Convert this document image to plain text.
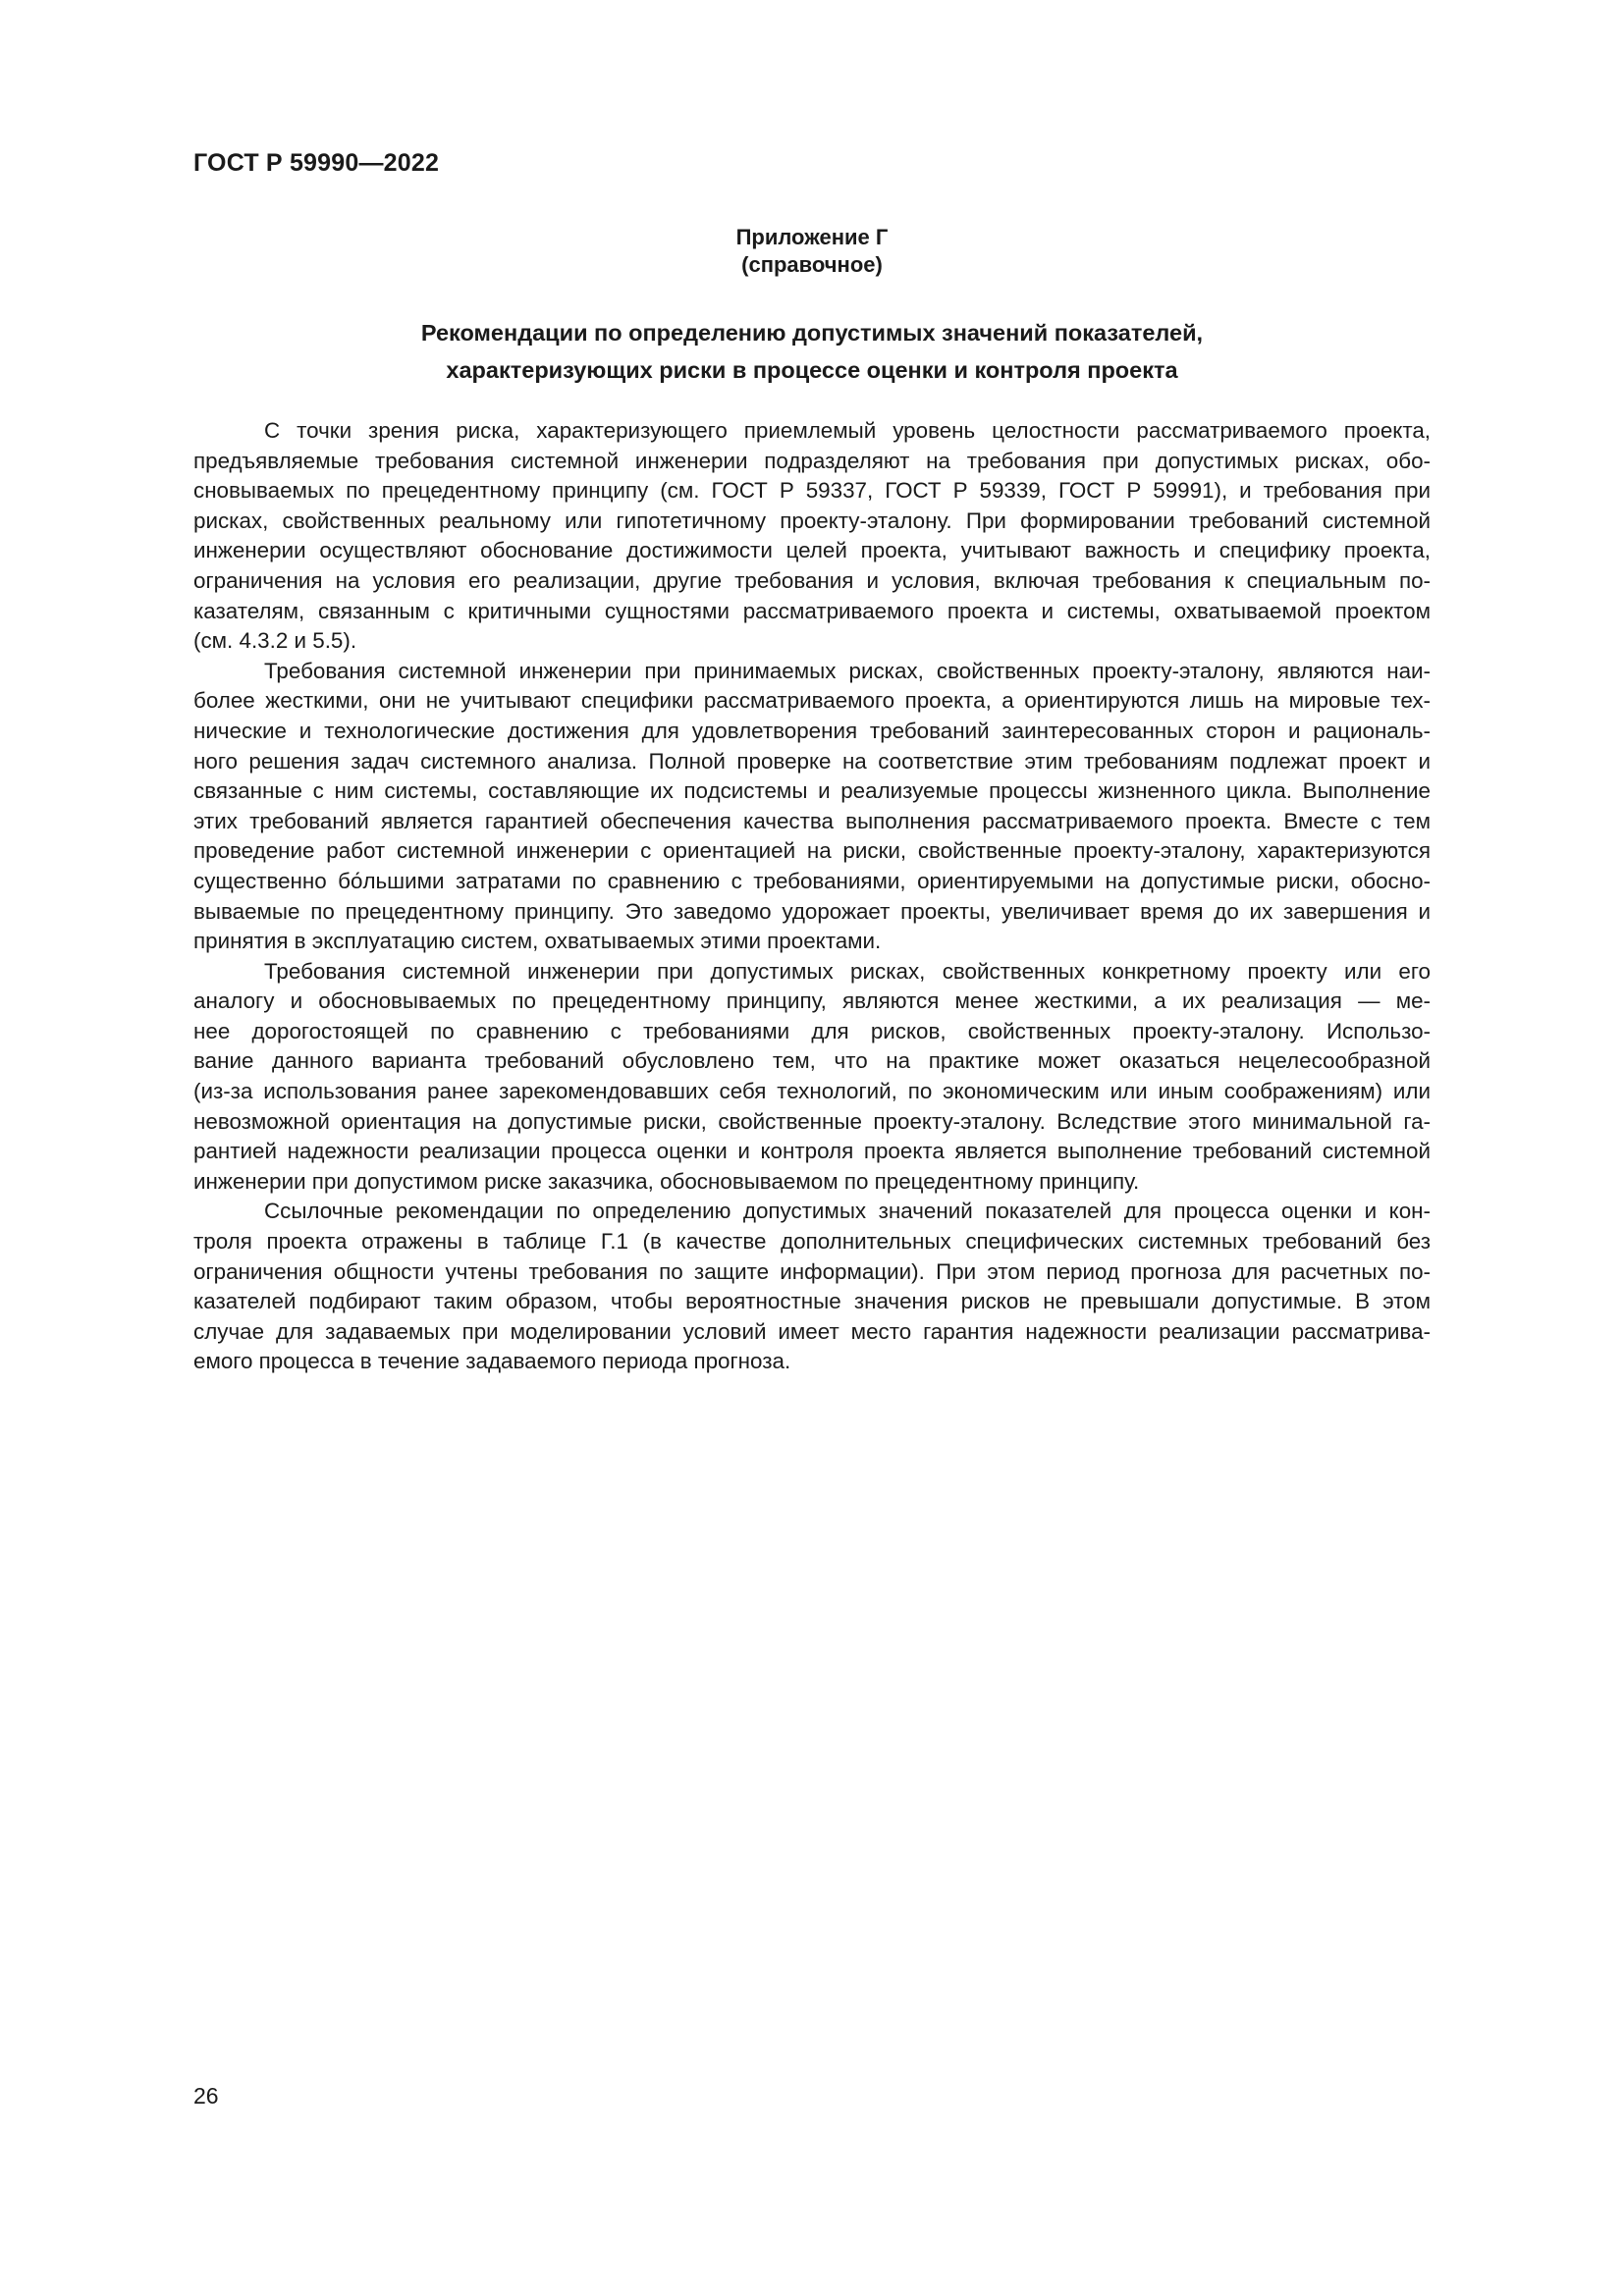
ГОСТ Р 59990—2022
Приложение Г
(справочное)
Рекомендации по определению допустимых значений показателей,
характеризующих риски в процессе оценки и контроля проекта
С точки зрения риска, характеризующего приемлемый уровень целостности рассматриваемого проекта,
предъявляемые требования системной инженерии подразделяют на требования при допустимых рисках, обо-
сновываемых по прецедентному принципу (см. ГОСТ Р 59337, ГОСТ Р 59339, ГОСТ Р 59991), и требования при
рисках, свойственных реальному или гипотетичному проекту-эталону. При формировании требований системной
инженерии осуществляют обоснование достижимости целей проекта, учитывают важность и специфику проекта,
ограничения на условия его реализации, другие требования и условия, включая требования к специальным по-
казателям, связанным с критичными сущностями рассматриваемого проекта и системы, охватываемой проектом
(см. 4.3.2 и 5.5).
Требования системной инженерии при принимаемых рисках, свойственных проекту-эталону, являются наи-
более жесткими, они не учитывают специфики рассматриваемого проекта, а ориентируются лишь на мировые тех-
нические и технологические достижения для удовлетворения требований заинтересованных сторон и рациональ-
ного решения задач системного анализа. Полной проверке на соответствие этим требованиям подлежат проект и
связанные с ним системы, составляющие их подсистемы и реализуемые процессы жизненного цикла. Выполнение
этих требований является гарантией обеспечения качества выполнения рассматриваемого проекта. Вместе с тем
проведение работ системной инженерии с ориентацией на риски, свойственные проекту-эталону, характеризуются
существенно бо́льшими затратами по сравнению с требованиями, ориентируемыми на допустимые риски, обосно-
вываемые по прецедентному принципу. Это заведомо удорожает проекты, увеличивает время до их завершения и
принятия в эксплуатацию систем, охватываемых этими проектами.
Требования системной инженерии при допустимых рисках, свойственных конкретному проекту или его
аналогу и обосновываемых по прецедентному принципу, являются менее жесткими, а их реализация — ме-
нее дорогостоящей по сравнению с требованиями для рисков, свойственных проекту-эталону. Использо-
вание данного варианта требований обусловлено тем, что на практике может оказаться нецелесообразной
(из-за использования ранее зарекомендовавших себя технологий, по экономическим или иным соображениям) или
невозможной ориентация на допустимые риски, свойственные проекту-эталону. Вследствие этого минимальной га-
рантией надежности реализации процесса оценки и контроля проекта является выполнение требований системной
инженерии при допустимом риске заказчика, обосновываемом по прецедентному принципу.
Ссылочные рекомендации по определению допустимых значений показателей для процесса оценки и кон-
троля проекта отражены в таблице Г.1 (в качестве дополнительных специфических системных требований без
ограничения общности учтены требования по защите информации). При этом период прогноза для расчетных по-
казателей подбирают таким образом, чтобы вероятностные значения рисков не превышали допустимые. В этом
случае для задаваемых при моделировании условий имеет место гарантия надежности реализации рассматрива-
емого процесса в течение задаваемого периода прогноза.
26
